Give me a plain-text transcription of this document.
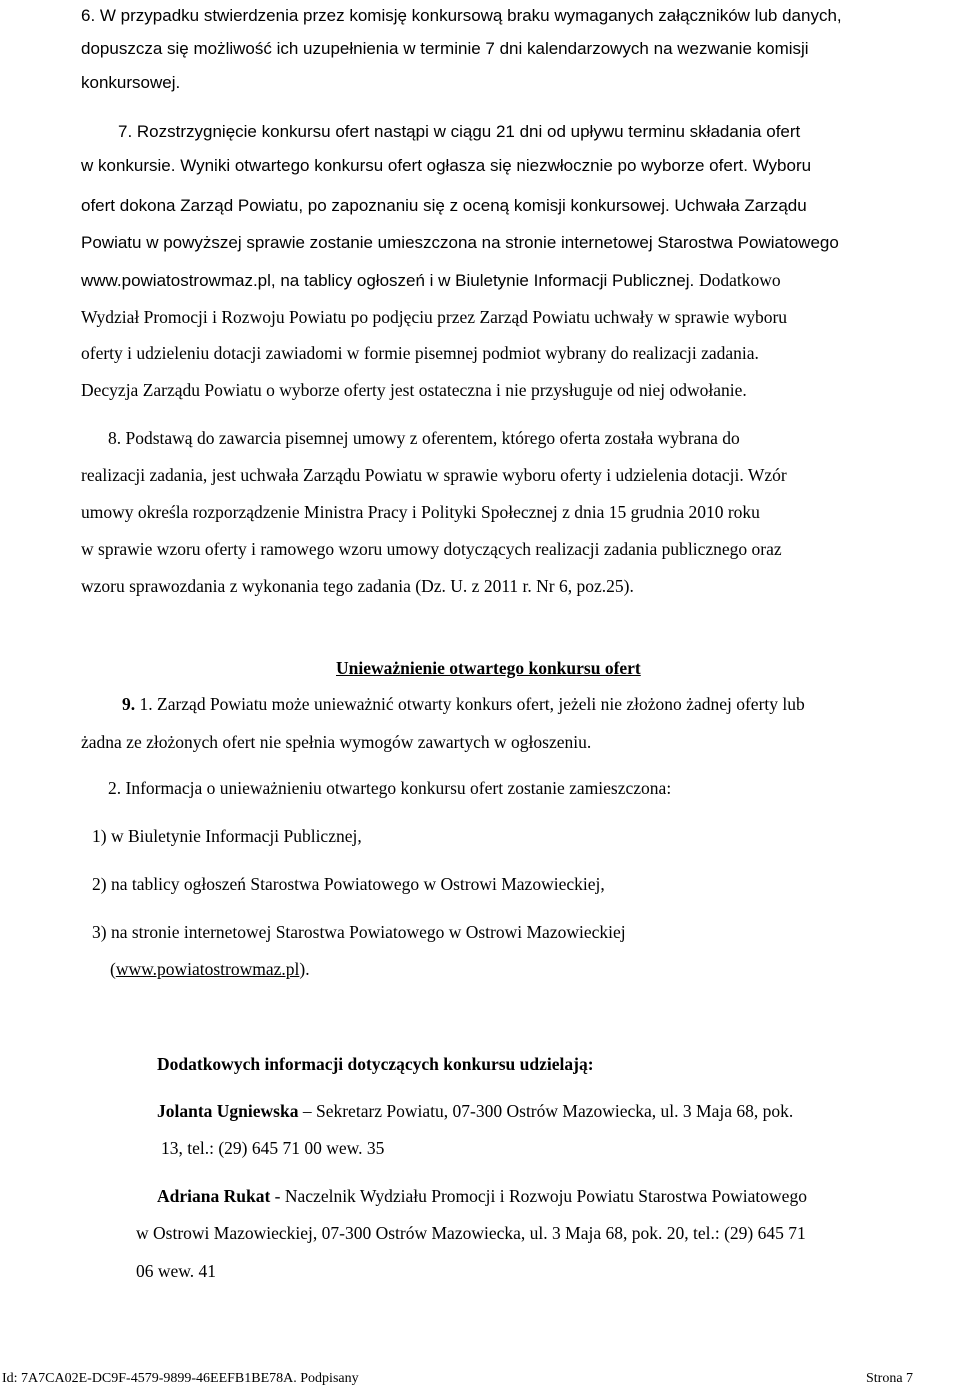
6. W przypadku stwierdzenia przez komisję konkursową braku wymaganych załączników lub danych,
dopuszcza się możliwość ich uzupełnienia w terminie 7 dni kalendarzowych na wezwanie komisji
konkursowej.
7. Rozstrzygnięcie konkursu ofert nastąpi w ciągu 21 dni od upływu terminu składania ofert
w konkursie. Wyniki otwartego konkursu ofert ogłasza się niezwłocznie po wyborze ofert. Wyboru
ofert dokona Zarząd Powiatu, po zapoznaniu się z oceną komisji konkursowej. Uchwała Zarządu
Powiatu w powyższej sprawie zostanie umieszczona na stronie internetowej Starostwa Powiatowego
www.powiatostrowmaz.pl, na tablicy ogłoszeń i w Biuletynie Informacji Publicznej. Dodatkowo
Wydział Promocji i Rozwoju Powiatu po podjęciu przez Zarząd Powiatu uchwały w sprawie wyboru
oferty i udzieleniu dotacji zawiadomi w formie pisemnej podmiot wybrany do realizacji zadania.
Decyzja Zarządu Powiatu o wyborze oferty jest ostateczna i nie przysługuje od niej odwołanie.
8. Podstawą do zawarcia pisemnej umowy z oferentem, którego oferta została wybrana do
realizacji zadania, jest uchwała Zarządu Powiatu w sprawie wyboru oferty i udzielenia dotacji. Wzór
umowy określa rozporządzenie Ministra Pracy i Polityki Społecznej z dnia 15 grudnia 2010 roku
w sprawie wzoru oferty i ramowego wzoru umowy dotyczących realizacji zadania publicznego oraz
wzoru sprawozdania z wykonania tego zadania (Dz. U. z 2011 r. Nr 6, poz.25).
Unieważnienie otwartego konkursu ofert
9. 1. Zarząd Powiatu może unieważnić otwarty konkurs ofert, jeżeli nie złożono żadnej oferty lub
żadna ze złożonych ofert nie spełnia wymogów zawartych w ogłoszeniu.
2. Informacja o unieważnieniu otwartego konkursu ofert zostanie zamieszczona:
1) w Biuletynie Informacji Publicznej,
2) na tablicy ogłoszeń Starostwa Powiatowego w Ostrowi Mazowieckiej,
3) na stronie internetowej Starostwa Powiatowego w Ostrowi Mazowieckiej
(www.powiatostrowmaz.pl).
Dodatkowych informacji dotyczących konkursu udzielają:
Jolanta Ugniewska – Sekretarz Powiatu, 07-300 Ostrów Mazowiecka, ul. 3 Maja 68, pok.
13, tel.: (29) 645 71 00 wew. 35
Adriana Rukat - Naczelnik Wydziału Promocji i Rozwoju Powiatu Starostwa Powiatowego
w Ostrowi Mazowieckiej, 07-300 Ostrów Mazowiecka, ul. 3 Maja 68, pok. 20, tel.: (29) 645 71
06 wew. 41
Id: 7A7CA02E-DC9F-4579-9899-46EEFB1BE78A. Podpisany	Strona 7
